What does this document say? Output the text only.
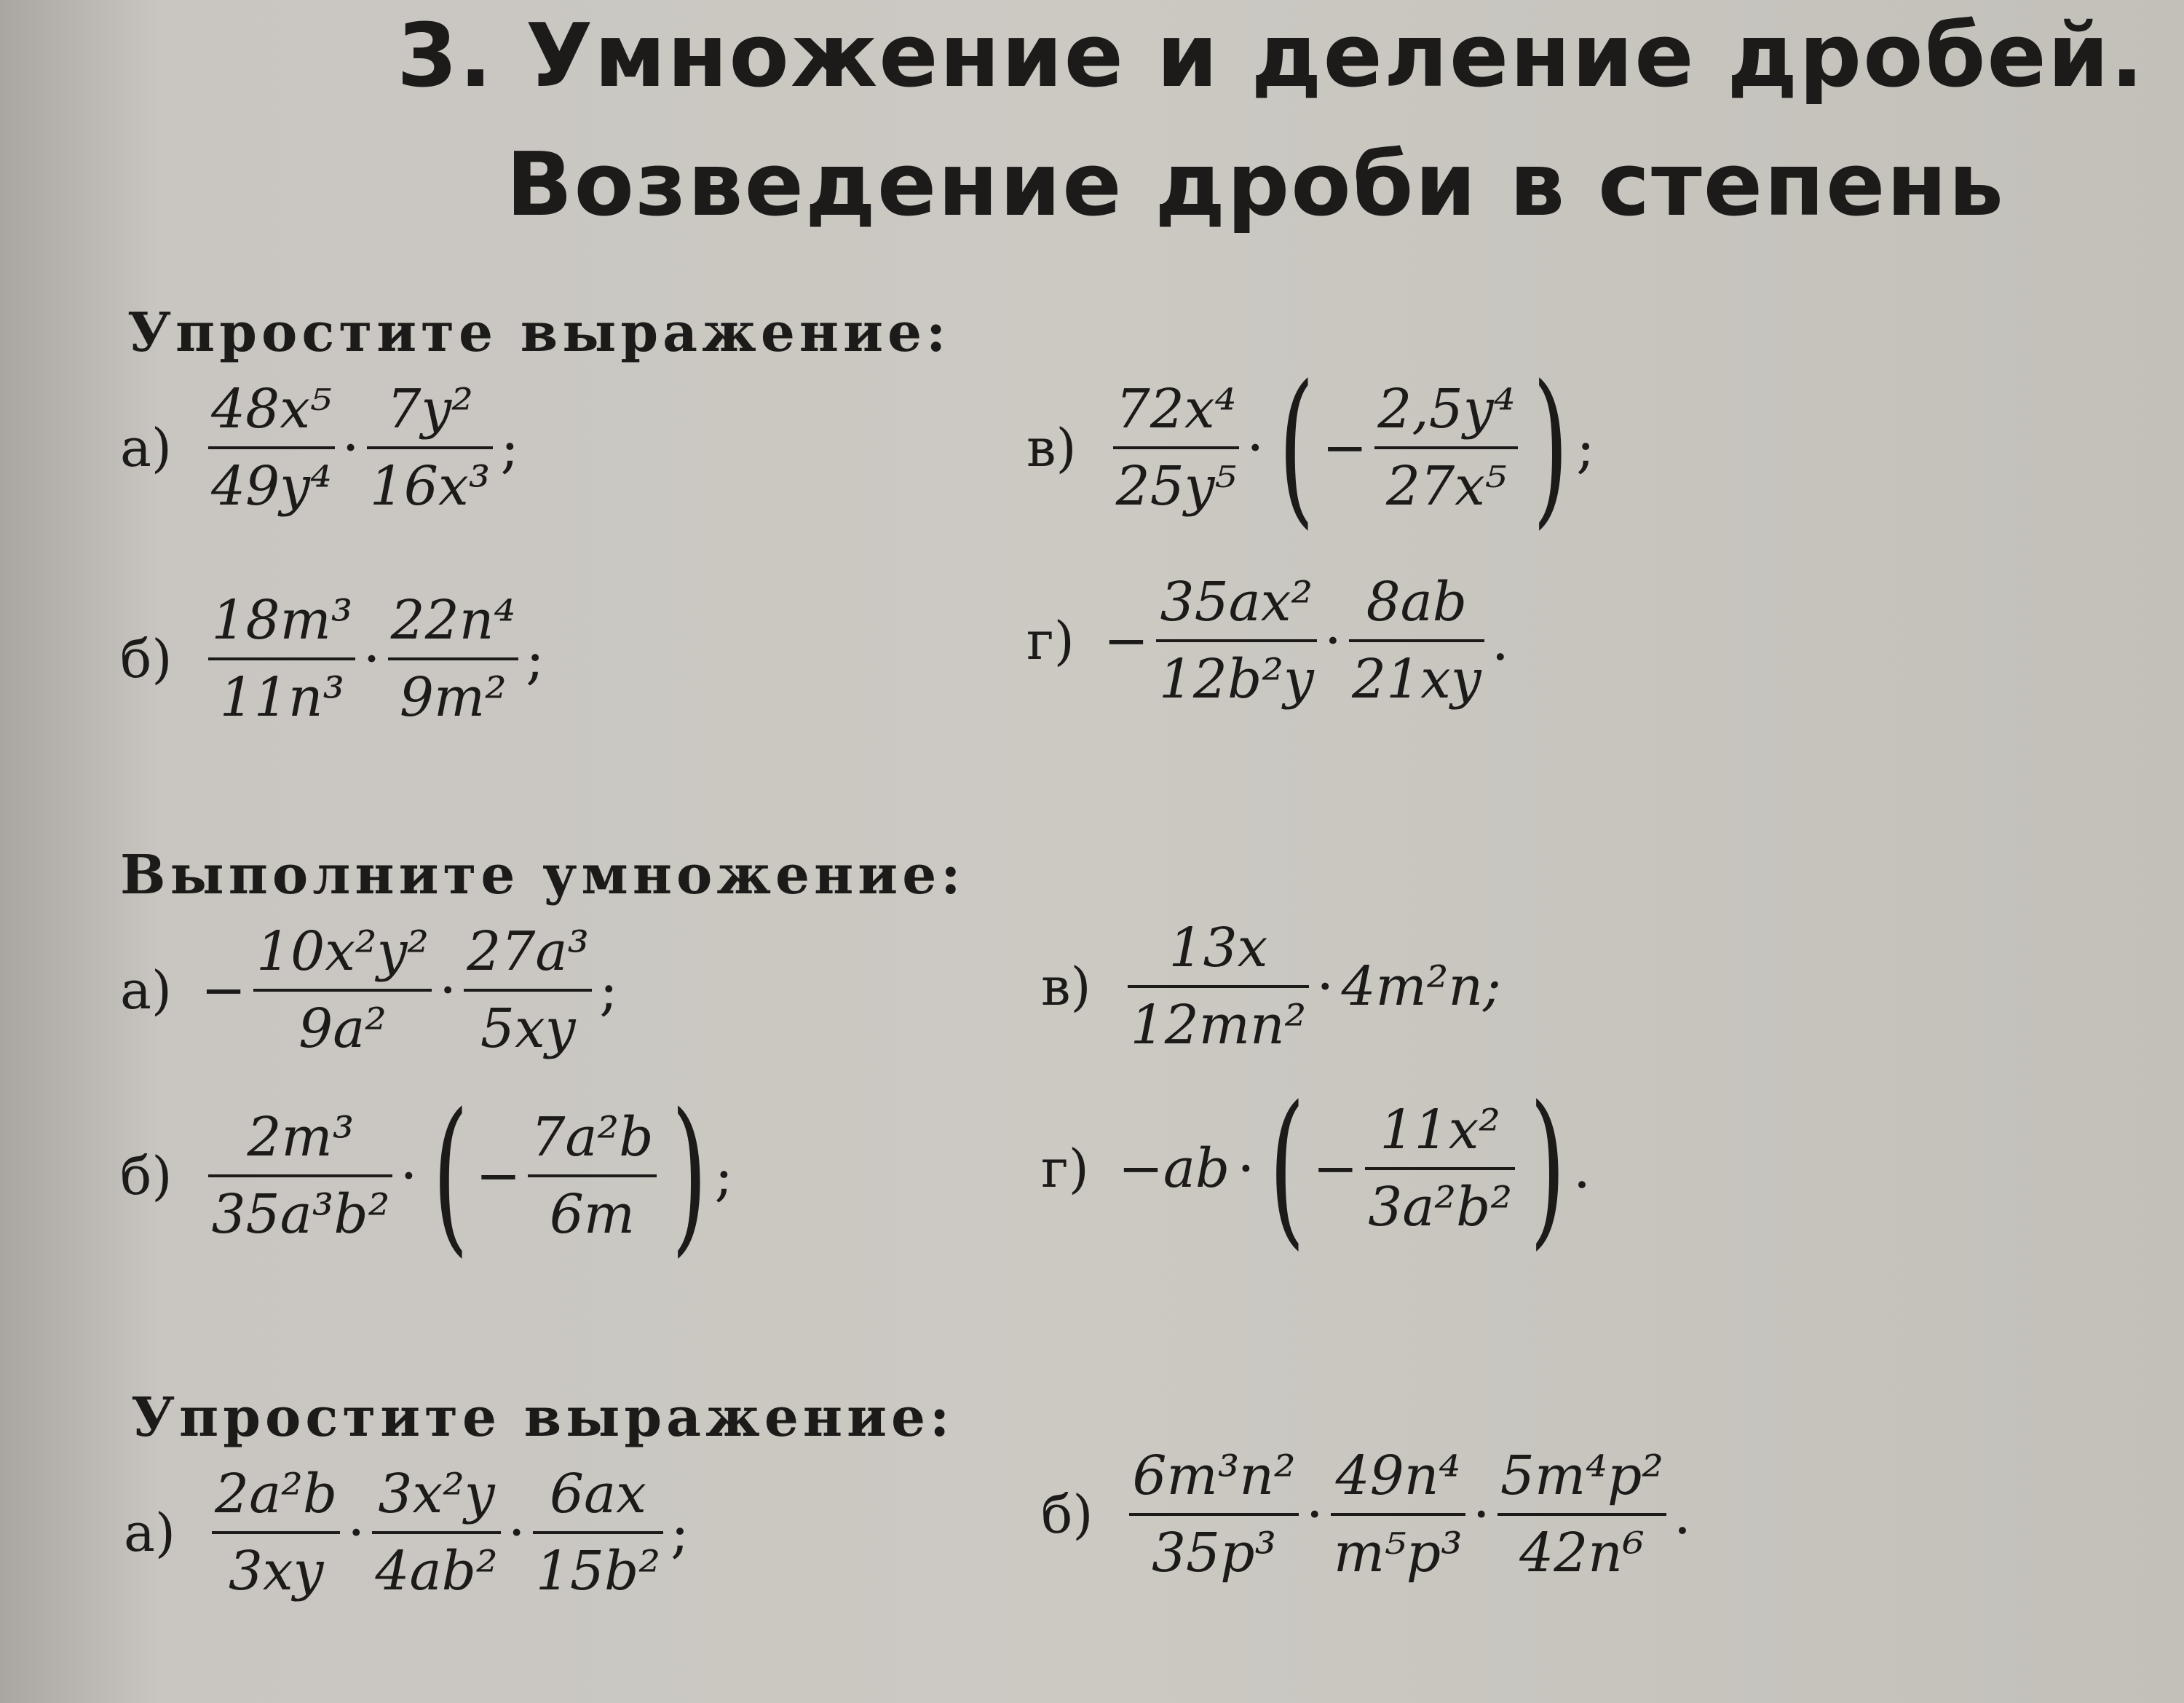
3. Умножение и деление дробей.
Возведение дроби в степень
Упростите выражение:
$а) \frac{\text{48x⁵}}{\text{49y⁴}} \cdot \frac{\text{7y²}}{\text{16x³}}$ ;
$б) \frac{\text{18m³}}{\text{11n³}} \cdot \frac{\text{22n⁴}}{\text{9m²}}$ ;
$в) \frac{\text{72x⁴}}{\text{25y⁵}}$ · ( − $\frac{\text{2,5y⁴}}{\text{27x⁵}}$ ) ;
$г) - \frac{\text{35ax²}}{\text{12b²y}} \cdot \frac{8ab}{21xy}$ .
Выполните умножение:
$а) - \frac{\text{10x²y²}}{\text{9a²}} \cdot \frac{\text{27a³}}{5xy}$ ;
$б) \frac{\text{2m³}}{\text{35a³b²}}$ · ( − $\frac{\text{7a²b}}{6m}$ ) ;
$в) \frac{13x}{\text{12mn²}} \cdot 4m^2n$;
г) −ab · ( − $\frac{\text{11x²}}{\text{3a²b²}}$ ) .
Упростите выражение:
$а) \frac{\text{2a²b}}{3xy} \cdot \frac{\text{3x²y}}{\text{4ab²}} \cdot \frac{6ax}{\text{15b²}}$ ;	$б) \frac{\text{6m³n²}}{\text{35p³}} \cdot \frac{\text{49n⁴}}{\text{m⁵p³}} \cdot \frac{\text{5m⁴p²}}{\text{42n⁶}}$ .
